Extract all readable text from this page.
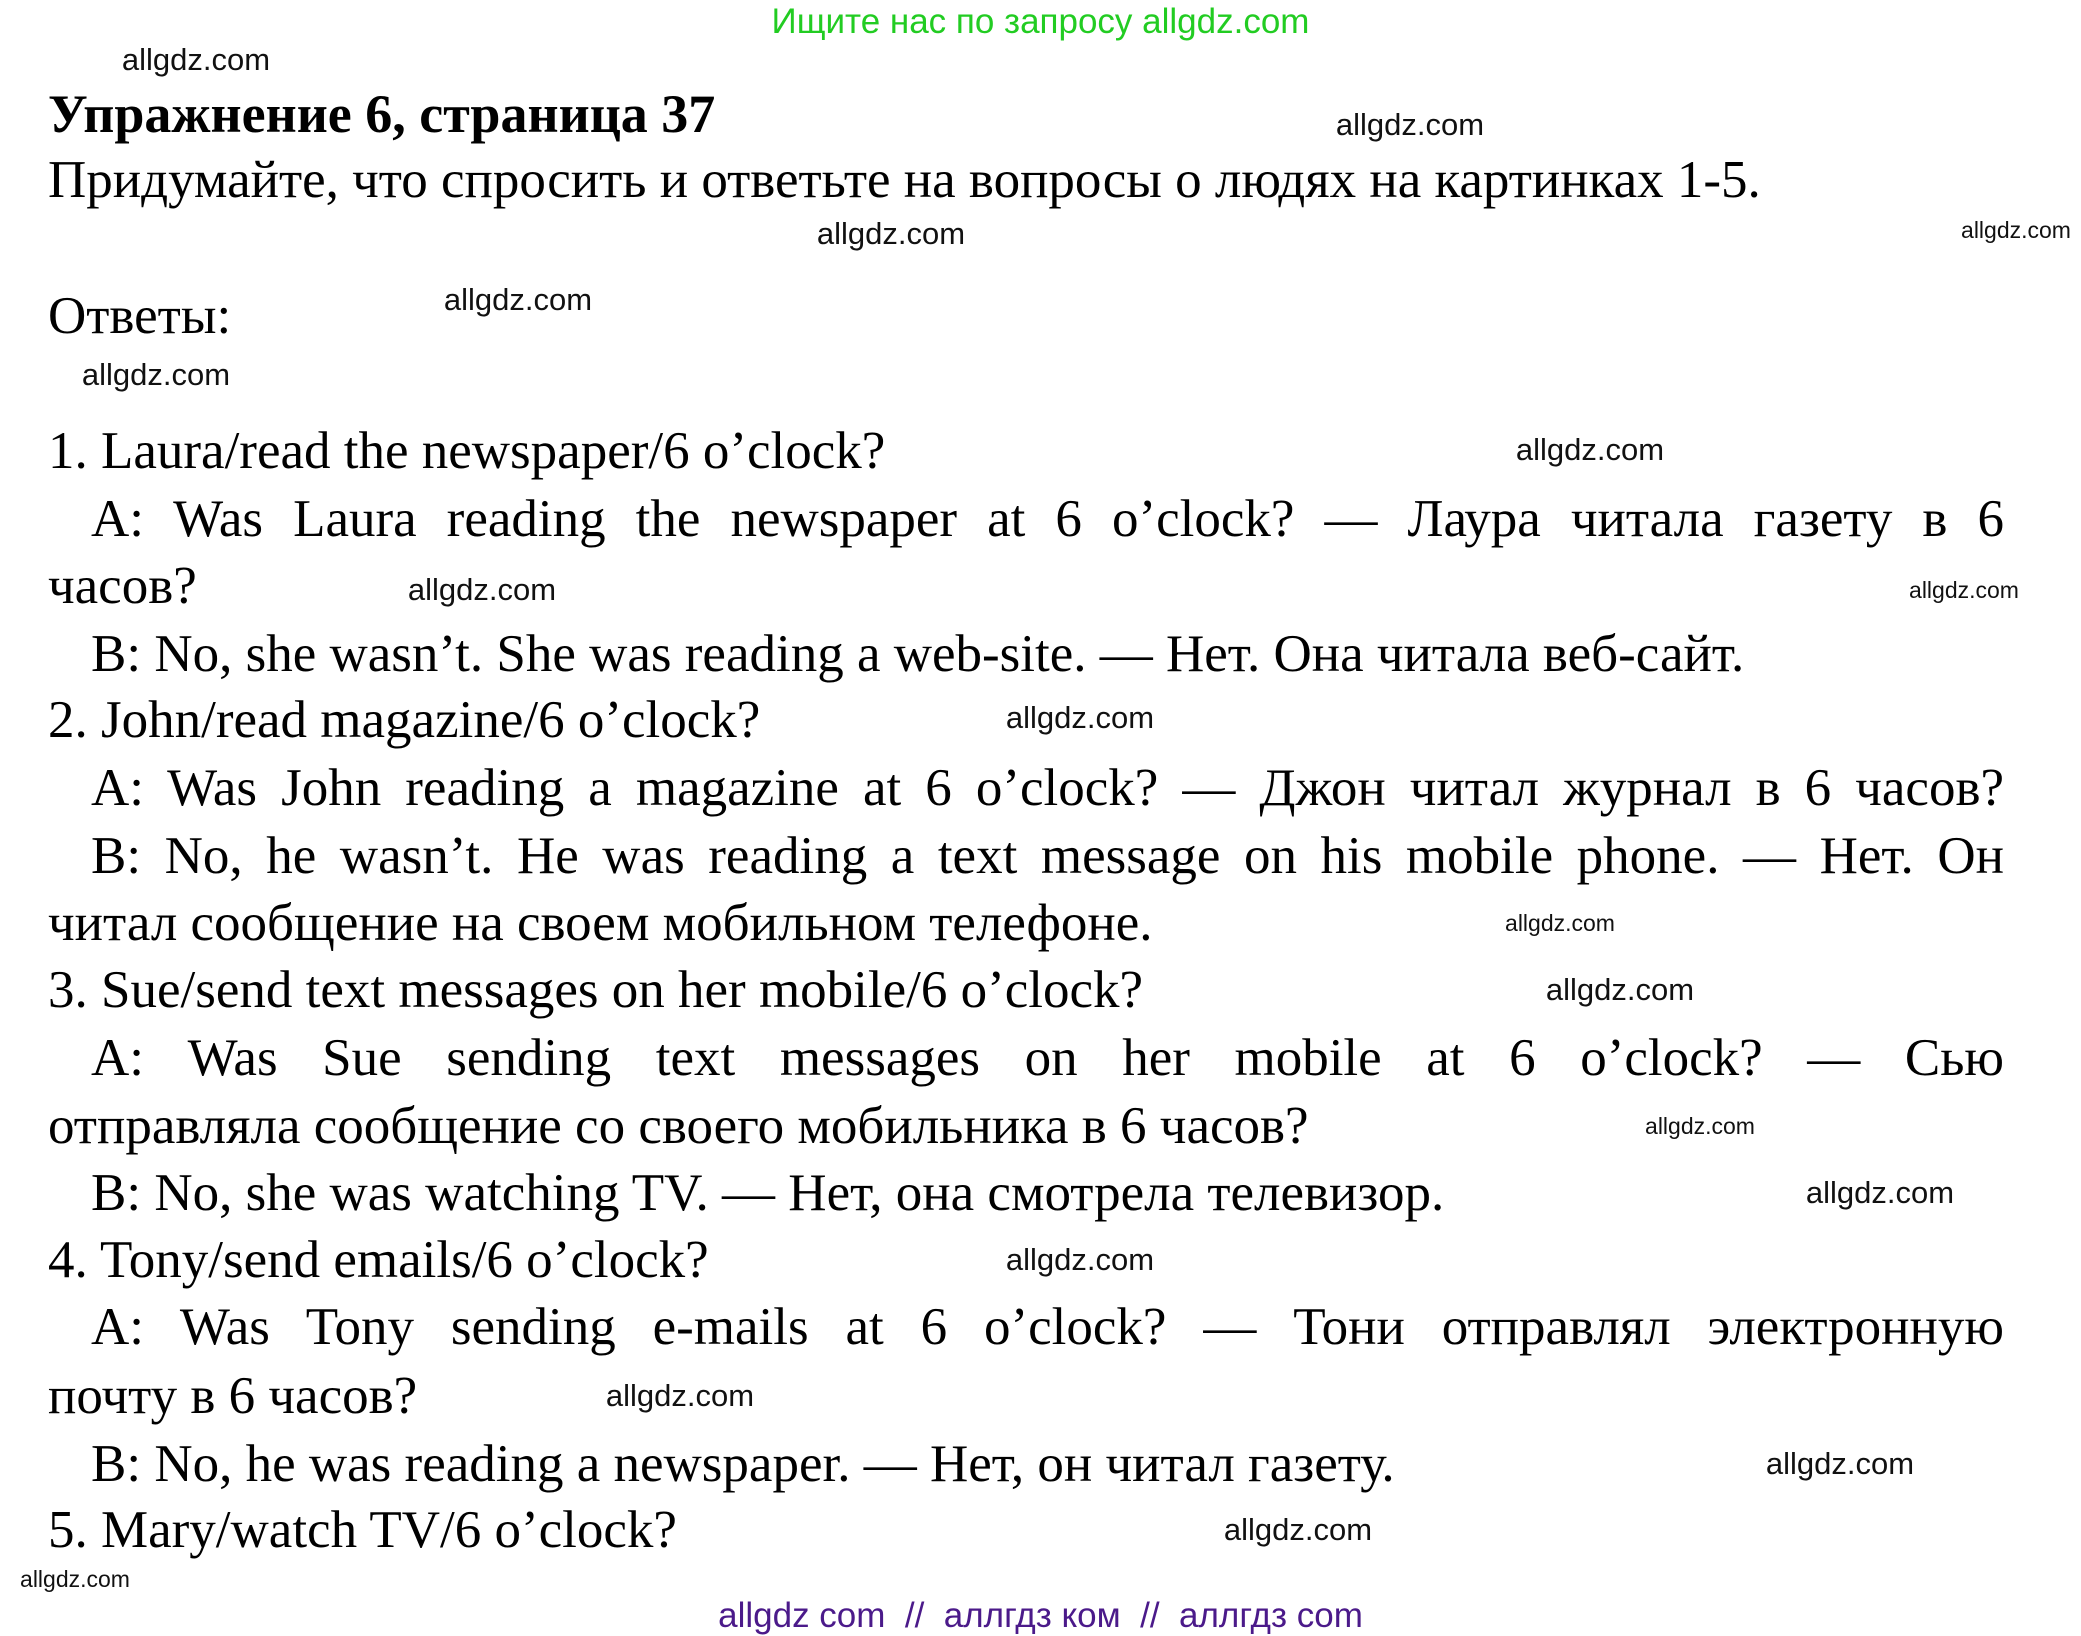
Ищите нас по запросу allgdz.com
Упражнение 6, страница 37
Придумайте, что спросить и ответьте на вопросы о людях на картинках 1-5.
Ответы:
1. Laura/read the newspaper/6 o’clock?
A: Was Laura reading the newspaper at 6 o’clock? — Лаура читала газету в 6
часов?
B: No, she wasn’t. She was reading a web-site. — Нет. Она читала веб-сайт.
2. John/read magazine/6 o’clock?
A: Was John reading a magazine at 6 o’clock? — Джон читал журнал в 6 часов?
B: No, he wasn’t. He was reading a text message on his mobile phone. — Нет. Он
читал сообщение на своем мобильном телефоне.
3. Sue/send text messages on her mobile/6 o’clock?
A: Was Sue sending text messages on her mobile at 6 o’clock? — Сью
отправляла сообщение со своего мобильника в 6 часов?
B: No, she was watching TV. — Нет, она смотрела телевизор.
4. Tony/send emails/6 o’clock?
A: Was Tony sending e-mails at 6 o’clock? — Тони отправлял электронную
почту в 6 часов?
B: No, he was reading a newspaper. — Нет, он читал газету.
5. Mary/watch TV/6 o’clock?
allgdz.com
allgdz.com
allgdz.com
allgdz.com
allgdz.com
allgdz.com
allgdz.com
allgdz.com
allgdz.com
allgdz.com
allgdz.com
allgdz.com
allgdz.com
allgdz.com
allgdz.com
allgdz.com
allgdz.com
allgdz.com
allgdz.com
allgdz com  //  аллгдз ком  //  аллгдз com
